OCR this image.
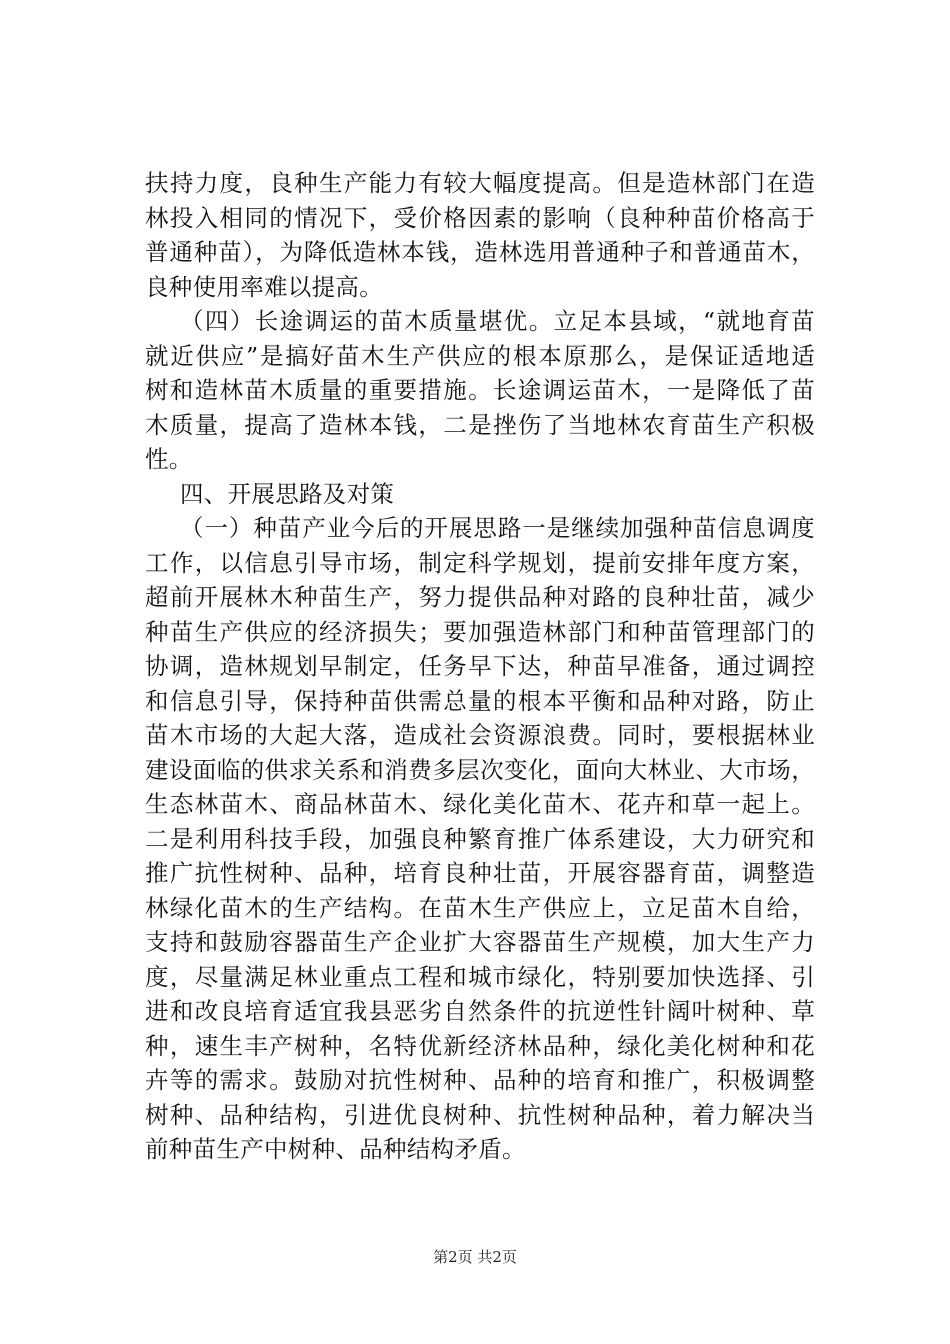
扶持力度，良种生产能力有较大幅度提高。但是造林部门在造
林投入相同的情况下，受价格因素的影响（良种种苗价格高于
普通种苗），为降低造林本钱，造林选用普通种子和普通苗木，
良种使用率难以提高。
（四）长途调运的苗木质量堪优。立足本县域，“就地育苗
就近供应”是搞好苗木生产供应的根本原那么，是保证适地适
树和造林苗木质量的重要措施。长途调运苗木，一是降低了苗
木质量，提高了造林本钱，二是挫伤了当地林农育苗生产积极
性。
四、开展思路及对策
（一）种苗产业今后的开展思路一是继续加强种苗信息调度
工作，以信息引导市场，制定科学规划，提前安排年度方案，
超前开展林木种苗生产，努力提供品种对路的良种壮苗，减少
种苗生产供应的经济损失；要加强造林部门和种苗管理部门的
协调，造林规划早制定，任务早下达，种苗早准备，通过调控
和信息引导，保持种苗供需总量的根本平衡和品种对路，防止
苗木市场的大起大落，造成社会资源浪费。同时，要根据林业
建设面临的供求关系和消费多层次变化，面向大林业、大市场，
生态林苗木、商品林苗木、绿化美化苗木、花卉和草一起上。
二是利用科技手段，加强良种繁育推广体系建设，大力研究和
推广抗性树种、品种，培育良种壮苗，开展容器育苗，调整造
林绿化苗木的生产结构。在苗木生产供应上，立足苗木自给，
支持和鼓励容器苗生产企业扩大容器苗生产规模，加大生产力
度，尽量满足林业重点工程和城市绿化，特别要加快选择、引
进和改良培育适宜我县恶劣自然条件的抗逆性针阔叶树种、草
种，速生丰产树种，名特优新经济林品种，绿化美化树种和花
卉等的需求。鼓励对抗性树种、品种的培育和推广，积极调整
树种、品种结构，引进优良树种、抗性树种品种，着力解决当
前种苗生产中树种、品种结构矛盾。
第2页 共2页
